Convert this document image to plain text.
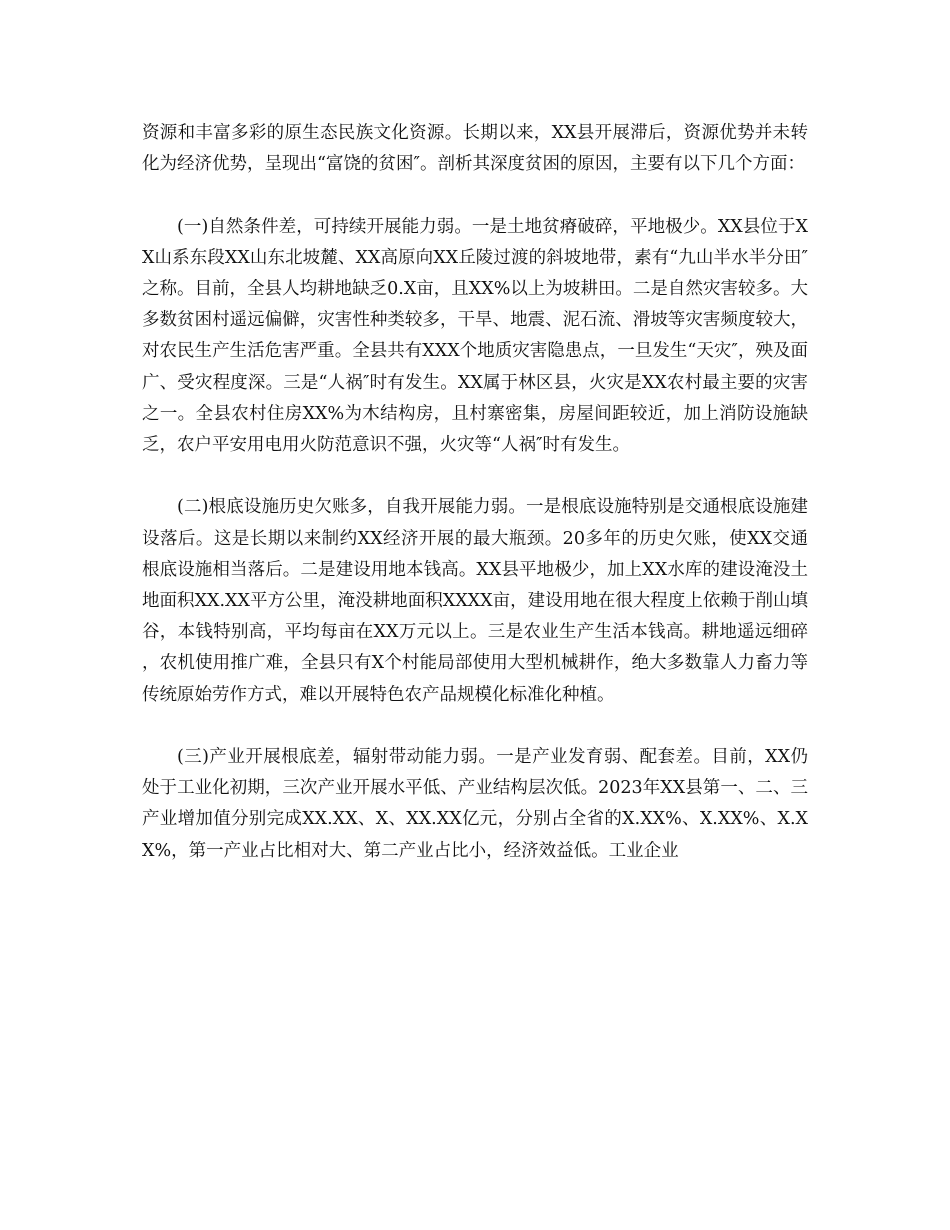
资源和丰富多彩的原生态民族文化资源。长期以来，XX县开展滞后，资源优势并未转化为经济优势，呈现出“富饶的贫困″。剖析其深度贫困的原因，主要有以下几个方面：

(一)自然条件差，可持续开展能力弱。一是土地贫瘠破碎，平地极少。XX县位于XX山系东段XX山东北坡麓、XX高原向XX丘陵过渡的斜坡地带，素有“九山半水半分田″之称。目前，全县人均耕地缺乏0.X亩，且XX%以上为坡耕田。二是自然灾害较多。大多数贫困村遥远偏僻，灾害性种类较多，干旱、地震、泥石流、滑坡等灾害频度较大，对农民生产生活危害严重。全县共有XXX个地质灾害隐患点，一旦发生“天灾″，殃及面广、受灾程度深。三是“人祸″时有发生。XX属于林区县，火灾是XX农村最主要的灾害之一。全县农村住房XX%为木结构房，且村寨密集，房屋间距较近，加上消防设施缺乏，农户平安用电用火防范意识不强，火灾等“人祸″时有发生。

(二)根底设施历史欠账多，自我开展能力弱。一是根底设施特别是交通根底设施建设落后。这是长期以来制约XX经济开展的最大瓶颈。20多年的历史欠账，使XX交通根底设施相当落后。二是建设用地本钱高。XX县平地极少，加上XX水库的建设淹没土地面积XX.XX平方公里，淹没耕地面积XXXX亩，建设用地在很大程度上依赖于削山填谷，本钱特别高，平均每亩在XX万元以上。三是农业生产生活本钱高。耕地遥远细碎，农机使用推广难，全县只有X个村能局部使用大型机械耕作，绝大多数靠人力畜力等传统原始劳作方式，难以开展特色农产品规模化标准化种植。

(三)产业开展根底差，辐射带动能力弱。一是产业发育弱、配套差。目前，XX仍处于工业化初期，三次产业开展水平低、产业结构层次低。2023年XX县第一、二、三产业增加值分别完成XX.XX、X、XX.XX亿元，分别占全省的X.XX%、X.XX%、X.XX%，第一产业占比相对大、第二产业占比小，经济效益低。工业企业
